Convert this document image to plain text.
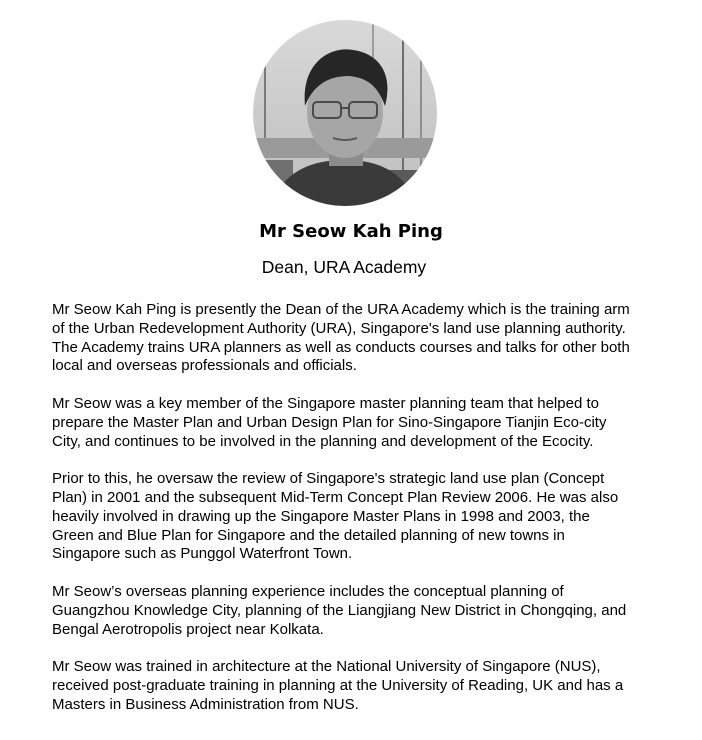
Mr Seow Kah Ping
Dean, URA Academy

Mr Seow Kah Ping is presently the Dean of the URA Academy which is the training arm
of the Urban Redevelopment Authority (URA), Singapore's land use planning authority.
The Academy trains URA planners as well as conducts courses and talks for other both
local and overseas professionals and officials.

Mr Seow was a key member of the Singapore master planning team that helped to
prepare the Master Plan and Urban Design Plan for Sino-Singapore Tianjin Eco-city
City, and continues to be involved in the planning and development of the Ecocity.

Prior to this, he oversaw the review of Singapore's strategic land use plan (Concept
Plan) in 2001 and the subsequent Mid-Term Concept Plan Review 2006. He was also
heavily involved in drawing up the Singapore Master Plans in 1998 and 2003, the
Green and Blue Plan for Singapore and the detailed planning of new towns in
Singapore such as Punggol Waterfront Town.

Mr Seow’s overseas planning experience includes the conceptual planning of
Guangzhou Knowledge City, planning of the Liangjiang New District in Chongqing, and
Bengal Aerotropolis project near Kolkata.

Mr Seow was trained in architecture at the National University of Singapore (NUS),
received post-graduate training in planning at the University of Reading, UK and has a
Masters in Business Administration from NUS.
